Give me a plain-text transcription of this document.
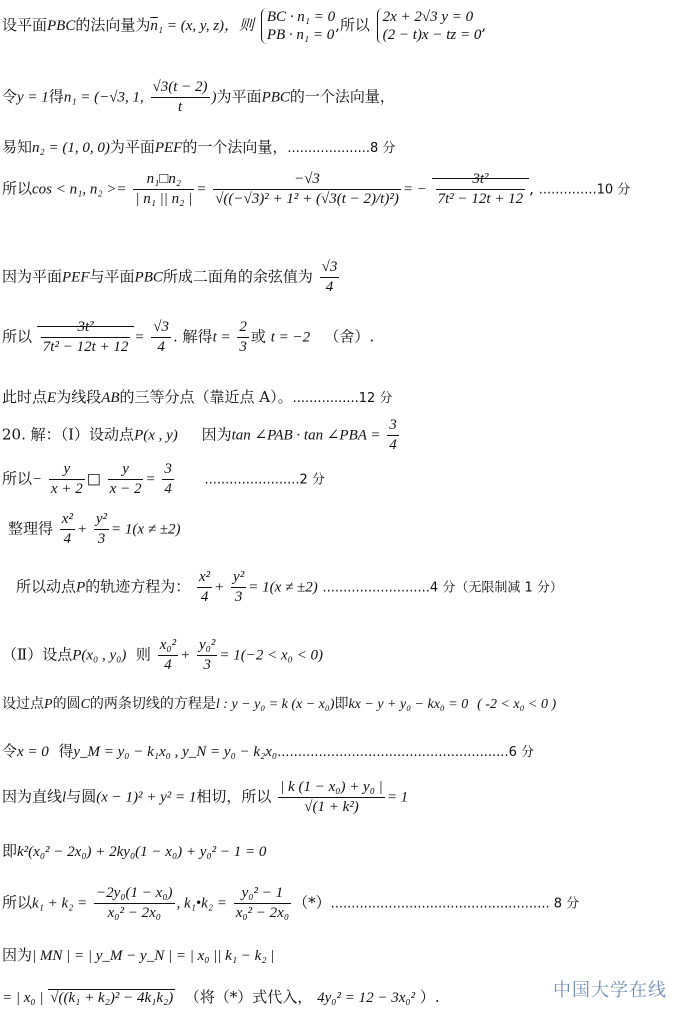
设平面PBC的法向量为$\overline{n}_1 = (x$, y, z)，则
BC · n₁ = 0
PB · n₁ = 0
,所以 2x + 2√3 y = 0
(2 − t)x − tz = 0
,
令y = 1得n₁ = (−√3, 1, $\frac{√3(t - 2)}{t}$ )为平面PBC的一个法向量，
易知n₂ = (1, 0, 0)为平面PEF的一个法向量，....................8 分
所以cos < n₁, $n_2 >= \frac{\text{n₁□n₂}}{\text{| n₁ || n₂ |}} = \frac{-√3}{\text{√((−√3)² + 1² + (√3(t − 2)/t)²)}}$ = − $\frac{\text{3t²}}{\text{7t² − 12t + 12}}$ , ..............10 分
因为平面PEF与平面PBC所成二面角的余弦值为 $\frac{√3}{4}$
所以 $\frac{\text{3t²}}{\text{7t² − 12t + 12}} = \frac{√3}{4}$ . 解得$t = \frac{2}{3}$ 或 t = −2 （舍）.
此时点E为线段AB的三等分点（靠近点 A）。................12 分
20. 解：（Ⅰ）设动点P(x , y) 因为tan ∠PAB · tan ∠PBA = $\frac{3}{4}$
所以− $\frac{y}{x + 2}$ □ $\frac{y}{x - 2} = \frac{3}{4} .......................2$ 分
整理得 $\frac{\text{x²}}{4} + \frac{\text{y²}}{3} = 1(x \ne \pm 2)$
所以动点P的轨迹方程为： $\frac{\text{x²}}{4} + \frac{\text{y²}}{3} = 1(x \ne \pm 2)$ ..........................4 分（无限制减 1 分）
（Ⅱ）设点P(x₀ , y₀) 则 $\frac{\text{x₀²}}{4} + \frac{\text{y₀²}}{3} = 1(-2 < x_0 < 0)$
设过点P的圆C的两条切线的方程是l : y − y₀ = k (x − x₀)即kx − y + y₀ − kx₀ = 0 ( -2 < x₀ < 0 )
令x = 0 得y_M = y₀ − k₁x₀ , y_N = y₀ − k₂x₀........................................................6 分
因为直线l与圆(x − 1)² + y² = 1相切，所以 $\frac{\text{| k (1 − x₀) + y₀ |}}{\text{√(1 + k²)}} = 1$
即k²(x₀² − 2x₀) + 2ky₀(1 − x₀) + y₀² − 1 = 0
所以$k_1 + k_2 = \frac{\text{−2y₀(1 − x₀)}}{\text{x₀² − 2x₀}}$ , k₁•k₂ = $\frac{\text{y₀² − 1}}{\text{x₀² − 2x₀}}$ （*）..................................................... 8 分
因为| MN | = | y_M − y_N | = | x₀ || k₁ − k₂ |
= | x₀ | √((k₁ + k₂)² − 4k₁k₂) （将（*）式代入， 4y₀² = 12 − 3x₀² ）.	中国大学在线
